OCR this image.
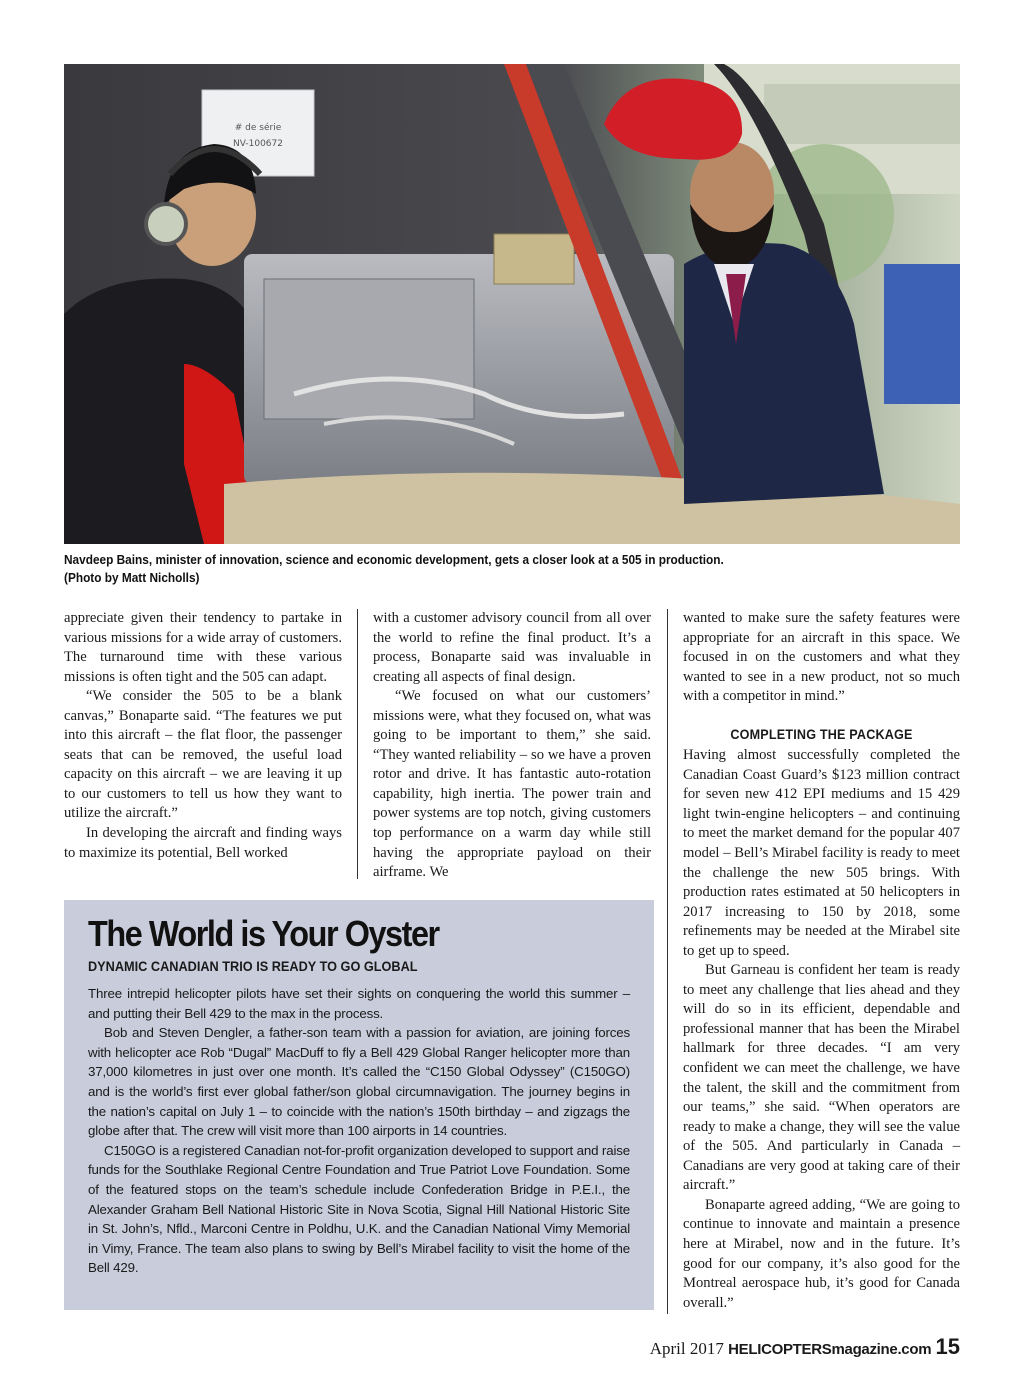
# de série
NV-100672
Navdeep Bains, minister of innovation, science and economic development, gets a closer look at a 505 in production.
(Photo by Matt Nicholls)

appreciate given their tendency to partake in various missions for a wide array of customers. The turnaround time with these various missions is often tight and the 505 can adapt.

“We consider the 505 to be a blank canvas,” Bonaparte said. “The features we put into this aircraft – the flat floor, the passenger seats that can be removed, the useful load capacity on this aircraft – we are leaving it up to our customers to tell us how they want to utilize the aircraft.”

In developing the aircraft and finding ways to maximize its potential, Bell worked

with a customer advisory council from all over the world to refine the final product. It’s a process, Bonaparte said was invaluable in creating all aspects of final design.

“We focused on what our customers’ missions were, what they focused on, what was going to be important to them,” she said. “They wanted reliability – so we have a proven rotor and drive. It has fantastic auto-rotation capability, high inertia. The power train and power systems are top notch, giving customers top performance on a warm day while still having the appropriate payload on their airframe. We

wanted to make sure the safety features were appropriate for an aircraft in this space. We focused in on the customers and what they wanted to see in a new product, not so much with a competitor in mind.”

COMPLETING THE PACKAGE

Having almost successfully completed the Canadian Coast Guard’s $123 million contract for seven new 412 EPI mediums and 15 429 light twin-engine helicopters – and continuing to meet the market demand for the popular 407 model – Bell’s Mirabel facility is ready to meet the challenge the new 505 brings. With production rates estimated at 50 helicopters in 2017 increasing to 150 by 2018, some refinements may be needed at the Mirabel site to get up to speed.

But Garneau is confident her team is ready to meet any challenge that lies ahead and they will do so in its efficient, dependable and professional manner that has been the Mirabel hallmark for three decades. “I am very confident we can meet the challenge, we have the talent, the skill and the commitment from our teams,” she said. “When operators are ready to make a change, they will see the value of the 505. And particularly in Canada – Canadians are very good at taking care of their aircraft.”

Bonaparte agreed adding, “We are going to continue to innovate and maintain a presence here at Mirabel, now and in the future. It’s good for our company, it’s also good for the Montreal aerospace hub, it’s good for Canada overall.”

The World is Your Oyster
DYNAMIC CANADIAN TRIO IS READY TO GO GLOBAL

Three intrepid helicopter pilots have set their sights on conquering the world this summer – and putting their Bell 429 to the max in the process.

Bob and Steven Dengler, a father-son team with a passion for aviation, are joining forces with helicopter ace Rob “Dugal” MacDuff to fly a Bell 429 Global Ranger helicopter more than 37,000 kilometres in just over one month. It’s called the “C150 Global Odyssey” (C150GO) and is the world’s first ever global father/son global circumnavigation. The journey begins in the nation’s capital on July 1 – to coincide with the nation’s 150th birthday – and zigzags the globe after that. The crew will visit more than 100 airports in 14 countries.

C150GO is a registered Canadian not-for-profit organization developed to support and raise funds for the Southlake Regional Centre Foundation and True Patriot Love Foundation. Some of the featured stops on the team’s schedule include Confederation Bridge in P.E.I., the Alexander Graham Bell National Historic Site in Nova Scotia, Signal Hill National Historic Site in St. John’s, Nfld., Marconi Centre in Poldhu, U.K. and the Canadian National Vimy Memorial in Vimy, France. The team also plans to swing by Bell’s Mirabel facility to visit the home of the Bell 429.

April 2017 HELICOPTERSmagazine.com 15
